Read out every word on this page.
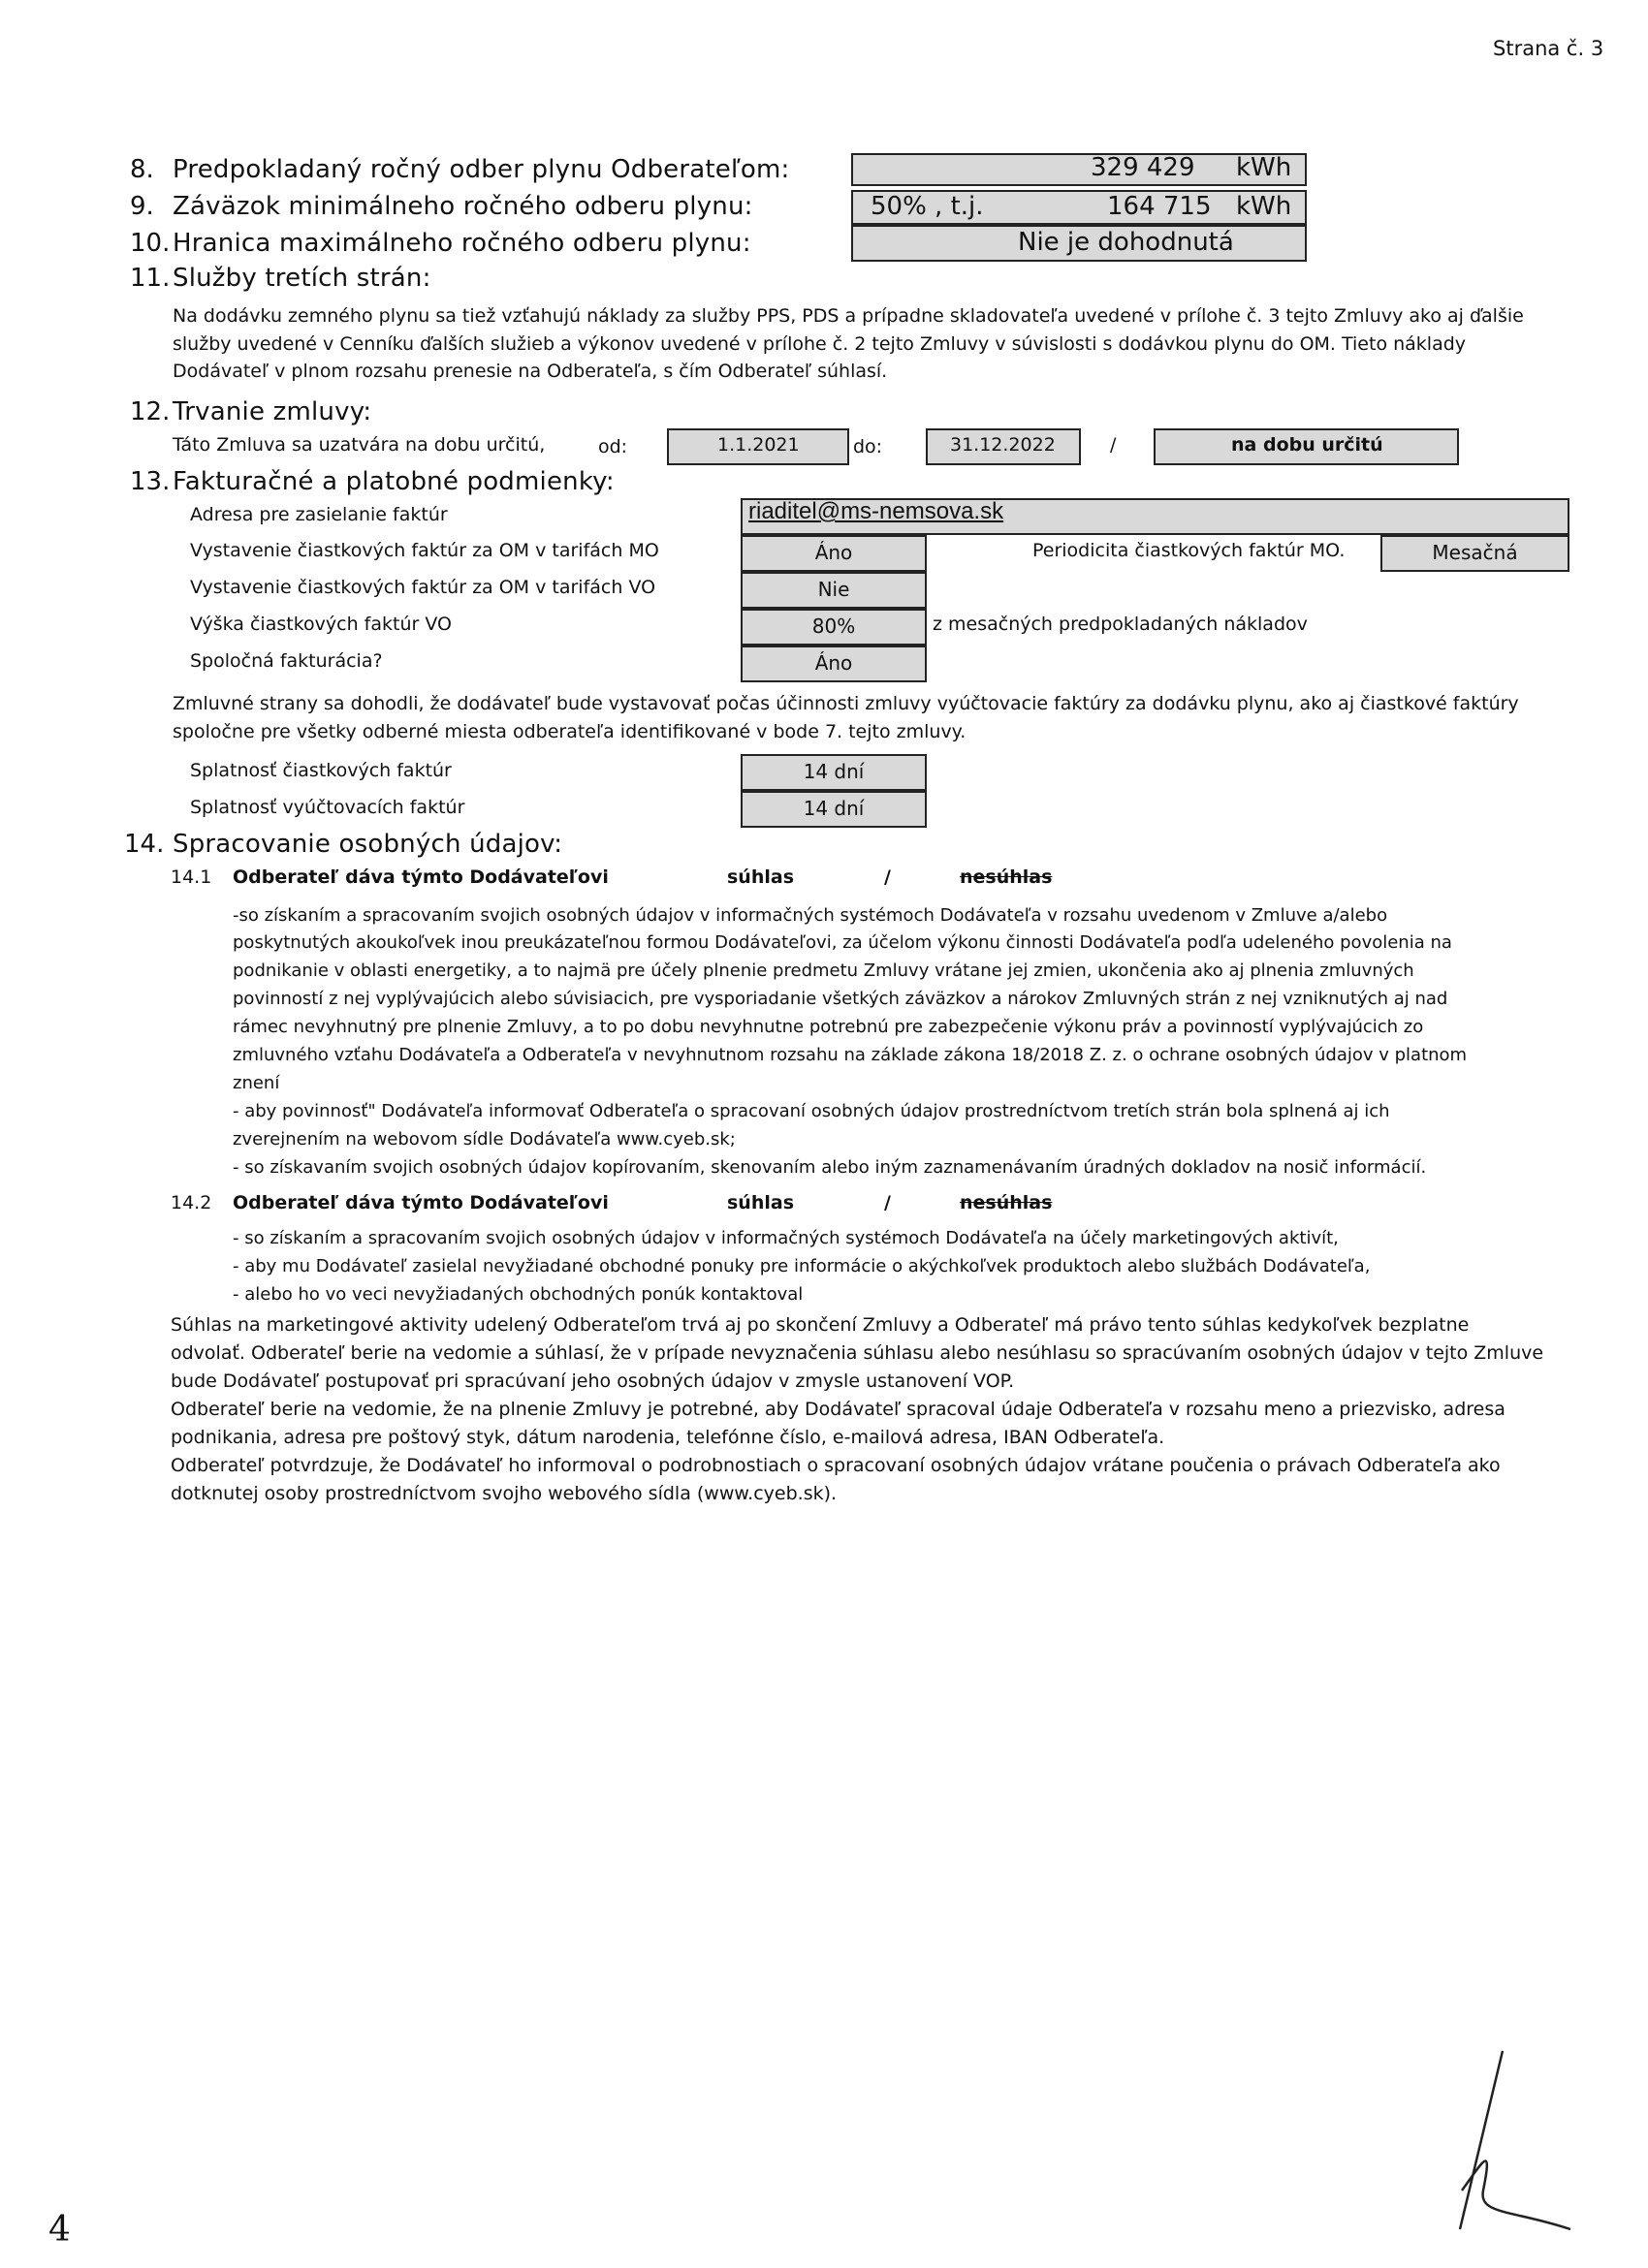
Strana č. 3
8. Predpokladaný ročný odber plynu Odberateľom:	329 429 kWh
9. Záväzok minimálneho ročného odberu plynu:	50% , t.j.	164 715 kWh
10. Hranica maximálneho ročného odberu plynu:	Nie je dohodnutá
11. Služby tretích strán:
Na dodávku zemného plynu sa tiež vzťahujú náklady za služby PPS, PDS a prípadne skladovateľa uvedené v prílohe č. 3 tejto Zmluvy ako aj ďalšie služby uvedené v Cenníku ďalších služieb a výkonov uvedené v prílohe č. 2 tejto Zmluvy v súvislosti s dodávkou plynu do OM. Tieto náklady Dodávateľ v plnom rozsahu prenesie na Odberateľa, s čím Odberateľ súhlasí.
12. Trvanie zmluvy:
Táto Zmluva sa uzatvára na dobu určitú,	od:	1.1.2021	do:	31.12.2022	/	na dobu určitú
13. Fakturačné a platobné podmienky:
Adresa pre zasielanie faktúr	riaditel@ms-nemsova.sk
Vystavenie čiastkových faktúr za OM v tarifách MO	Áno	Periodicita čiastkových faktúr MO.	Mesačná
Vystavenie čiastkových faktúr za OM v tarifách VO	Nie
Výška čiastkových faktúr VO	80%	z mesačných predpokladaných nákladov
Spoločná fakturácia?	Áno
Zmluvné strany sa dohodli, že dodávateľ bude vystavovať počas účinnosti zmluvy vyúčtovacie faktúry za dodávku plynu, ako aj čiastkové faktúry spoločne pre všetky odberné miesta odberateľa identifikované v bode 7. tejto zmluvy.
Splatnosť čiastkových faktúr	14 dní
Splatnosť vyúčtovacích faktúr	14 dní
14. Spracovanie osobných údajov:
14.1 Odberateľ dáva týmto Dodávateľovi	súhlas	/	nesúhlas
-so získaním a spracovaním svojich osobných údajov v informačných systémoch Dodávateľa v rozsahu uvedenom v Zmluve a/alebo
poskytnutých akoukoľvek inou preukázateľnou formou Dodávateľovi, za účelom výkonu činnosti Dodávateľa podľa udeleného povolenia na
podnikanie v oblasti energetiky, a to najmä pre účely plnenie predmetu Zmluvy vrátane jej zmien, ukončenia ako aj plnenia zmluvných
povinností z nej vyplývajúcich alebo súvisiacich, pre vysporiadanie všetkých záväzkov a nárokov Zmluvných strán z nej vzniknutých aj nad
rámec nevyhnutný pre plnenie Zmluvy, a to po dobu nevyhnutne potrebnú pre zabezpečenie výkonu práv a povinností vyplývajúcich zo
zmluvného vzťahu Dodávateľa a Odberateľa v nevyhnutnom rozsahu na základe zákona 18/2018 Z. z. o ochrane osobných údajov v platnom
znení
- aby povinnosť" Dodávateľa informovať Odberateľa o spracovaní osobných údajov prostredníctvom tretích strán bola splnená aj ich
zverejnením na webovom sídle Dodávateľa www.cyeb.sk;
- so získavaním svojich osobných údajov kopírovaním, skenovaním alebo iným zaznamenávaním úradných dokladov na nosič informácií.
14.2 Odberateľ dáva týmto Dodávateľovi	súhlas	/	nesúhlas
- so získaním a spracovaním svojich osobných údajov v informačných systémoch Dodávateľa na účely marketingových aktivít,
- aby mu Dodávateľ zasielal nevyžiadané obchodné ponuky pre informácie o akýchkoľvek produktoch alebo službách Dodávateľa,
- alebo ho vo veci nevyžiadaných obchodných ponúk kontaktoval
Súhlas na marketingové aktivity udelený Odberateľom trvá aj po skončení Zmluvy a Odberateľ má právo tento súhlas kedykoľvek bezplatne
odvolať. Odberateľ berie na vedomie a súhlasí, že v prípade nevyznačenia súhlasu alebo nesúhlasu so spracúvaním osobných údajov v tejto Zmluve
bude Dodávateľ postupovať pri spracúvaní jeho osobných údajov v zmysle ustanovení VOP.
Odberateľ berie na vedomie, že na plnenie Zmluvy je potrebné, aby Dodávateľ spracoval údaje Odberateľa v rozsahu meno a priezvisko, adresa
podnikania, adresa pre poštový styk, dátum narodenia, telefónne číslo, e-mailová adresa, IBAN Odberateľa.
Odberateľ potvrdzuje, že Dodávateľ ho informoval o podrobnostiach o spracovaní osobných údajov vrátane poučenia o právach Odberateľa ako
dotknutej osoby prostredníctvom svojho webového sídla (www.cyeb.sk).
4
